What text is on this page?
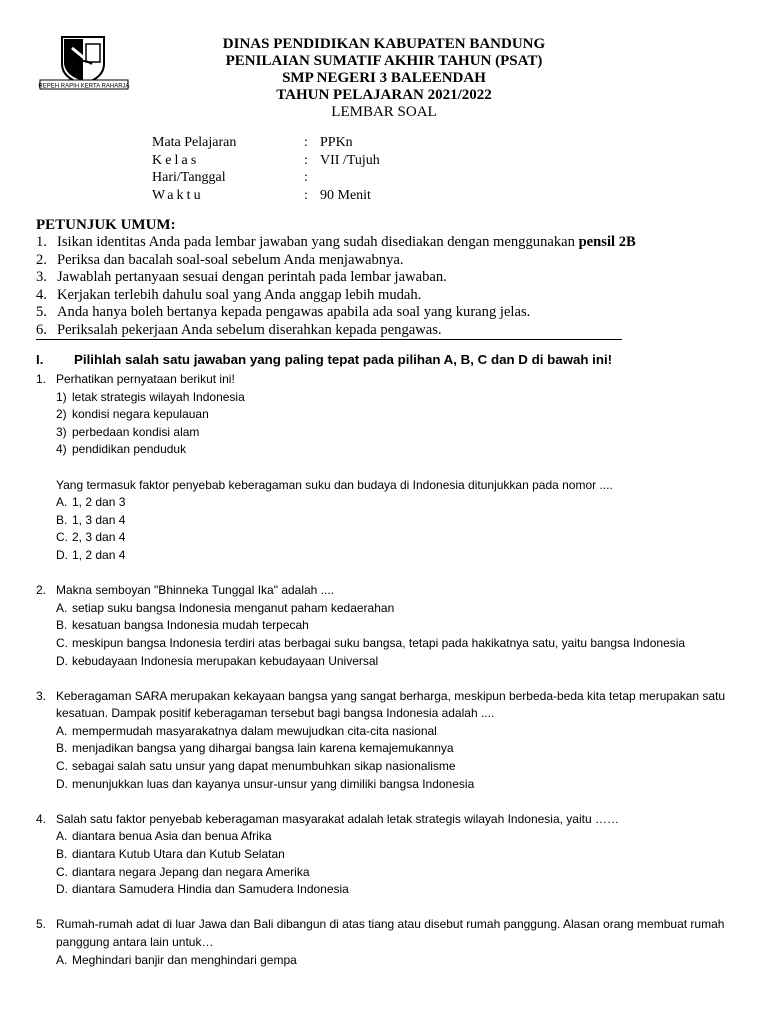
REPEH RAPIH KERTA RAHARJA
DINAS PENDIDIKAN KABUPATEN BANDUNG
PENILAIAN SUMATIF AKHIR TAHUN (PSAT)
SMP NEGERI 3 BALEENDAH
TAHUN PELAJARAN 2021/2022
LEMBAR SOAL
Mata Pelajaran	: PPKn
Kelas	: VII /Tujuh
Hari/Tanggal	:
Waktu	: 90 Menit
PETUNJUK UMUM:
1. Isikan identitas Anda pada lembar jawaban yang sudah disediakan dengan menggunakan pensil 2B
2. Periksa dan bacalah soal-soal sebelum Anda menjawabnya.
3. Jawablah pertanyaan sesuai dengan perintah pada lembar jawaban.
4. Kerjakan terlebih dahulu soal yang Anda anggap lebih mudah.
5. Anda hanya boleh bertanya kepada pengawas apabila ada soal yang kurang jelas.
6. Periksalah pekerjaan Anda sebelum diserahkan kepada pengawas.
I. Pilihlah salah satu jawaban yang paling tepat pada pilihan A, B, C dan D di bawah ini!
1. Perhatikan pernyataan berikut ini!
1) letak strategis wilayah Indonesia
2) kondisi negara kepulauan
3) perbedaan kondisi alam
4) pendidikan penduduk
Yang termasuk faktor penyebab keberagaman suku dan budaya di Indonesia ditunjukkan pada nomor ....
A. 1, 2 dan 3
B. 1, 3 dan 4
C. 2, 3 dan 4
D. 1, 2 dan 4
2. Makna semboyan "Bhinneka Tunggal Ika" adalah ....
A. setiap suku bangsa Indonesia menganut paham kedaerahan
B. kesatuan bangsa Indonesia mudah terpecah
C. meskipun bangsa Indonesia terdiri atas berbagai suku bangsa, tetapi pada hakikatnya satu, yaitu bangsa Indonesia
D. kebudayaan Indonesia merupakan kebudayaan Universal
3. Keberagaman SARA merupakan kekayaan bangsa yang sangat berharga, meskipun berbeda-beda kita tetap merupakan satu
kesatuan. Dampak positif keberagaman tersebut bagi bangsa Indonesia adalah ....
A. mempermudah masyarakatnya dalam mewujudkan cita-cita nasional
B. menjadikan bangsa yang dihargai bangsa lain karena kemajemukannya
C. sebagai salah satu unsur yang dapat menumbuhkan sikap nasionalisme
D. menunjukkan luas dan kayanya unsur-unsur yang dimiliki bangsa Indonesia
4. Salah satu faktor penyebab keberagaman masyarakat adalah letak strategis wilayah Indonesia, yaitu ……
A. diantara benua Asia dan benua Afrika
B. diantara Kutub Utara dan Kutub Selatan
C. diantara negara Jepang dan negara Amerika
D. diantara Samudera Hindia dan Samudera Indonesia
5. Rumah-rumah adat di luar Jawa dan Bali dibangun di atas tiang atau disebut rumah panggung. Alasan orang membuat rumah
panggung antara lain untuk…
A. Meghindari banjir dan menghindari gempa
